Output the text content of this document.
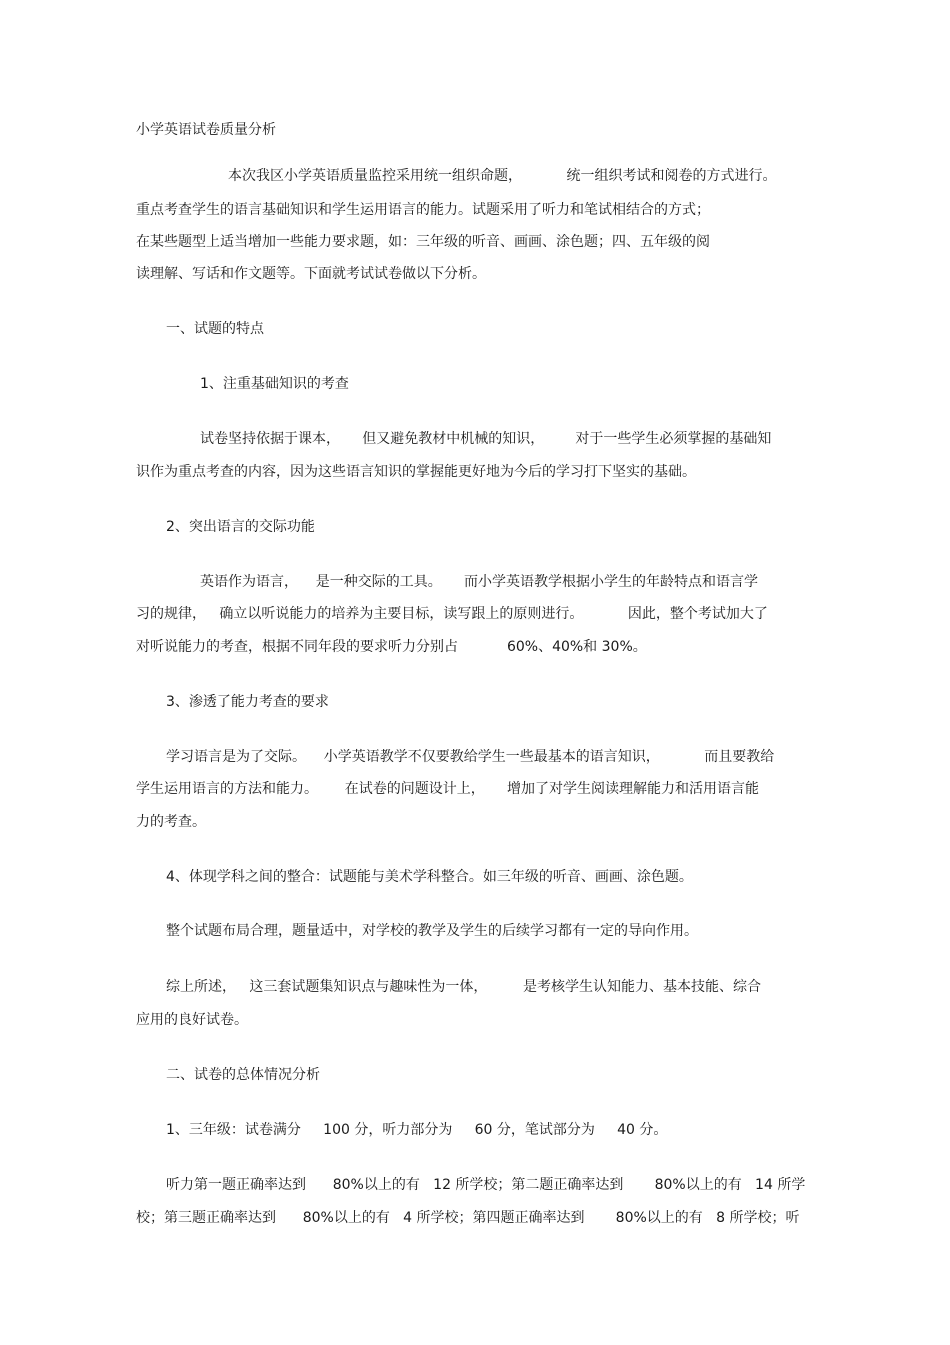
小学英语试卷质量分析
本次我区小学英语质量监控采用统一组织命题，          统一组织考试和阅卷的方式进行。
重点考查学生的语言基础知识和学生运用语言的能力。试题采用了听力和笔试相结合的方式；
在某些题型上适当增加一些能力要求题，如：三年级的听音、画画、涂色题；四、五年级的阅
读理解、写话和作文题等。下面就考试试卷做以下分析。
一、试题的特点
1、注重基础知识的考查
试卷坚持依据于课本，     但又避免教材中机械的知识，       对于一些学生必须掌握的基础知
识作为重点考查的内容，因为这些语言知识的掌握能更好地为今后的学习打下坚实的基础。
2、突出语言的交际功能
英语作为语言，    是一种交际的工具。     而小学英语教学根据小学生的年龄特点和语言学
习的规律，   确立以听说能力的培养为主要目标，读写跟上的原则进行。          因此，整个考试加大了
对听说能力的考查，根据不同年段的要求听力分别占           60%、40%和 30%。
3、渗透了能力考查的要求
学习语言是为了交际。    小学英语教学不仅要教给学生一些最基本的语言知识，          而且要教给
学生运用语言的方法和能力。      在试卷的问题设计上，     增加了对学生阅读理解能力和活用语言能
力的考查。
4、体现学科之间的整合：试题能与美术学科整合。如三年级的听音、画画、涂色题。
整个试题布局合理，题量适中，对学校的教学及学生的后续学习都有一定的导向作用。
综上所述，   这三套试题集知识点与趣味性为一体，        是考核学生认知能力、基本技能、综合
应用的良好试卷。
二、试卷的总体情况分析
1、三年级：试卷满分     100 分，听力部分为     60 分，笔试部分为     40 分。
听力第一题正确率达到      80%以上的有   12 所学校；第二题正确率达到       80%以上的有   14 所学
校；第三题正确率达到      80%以上的有   4 所学校；第四题正确率达到       80%以上的有   8 所学校；听
